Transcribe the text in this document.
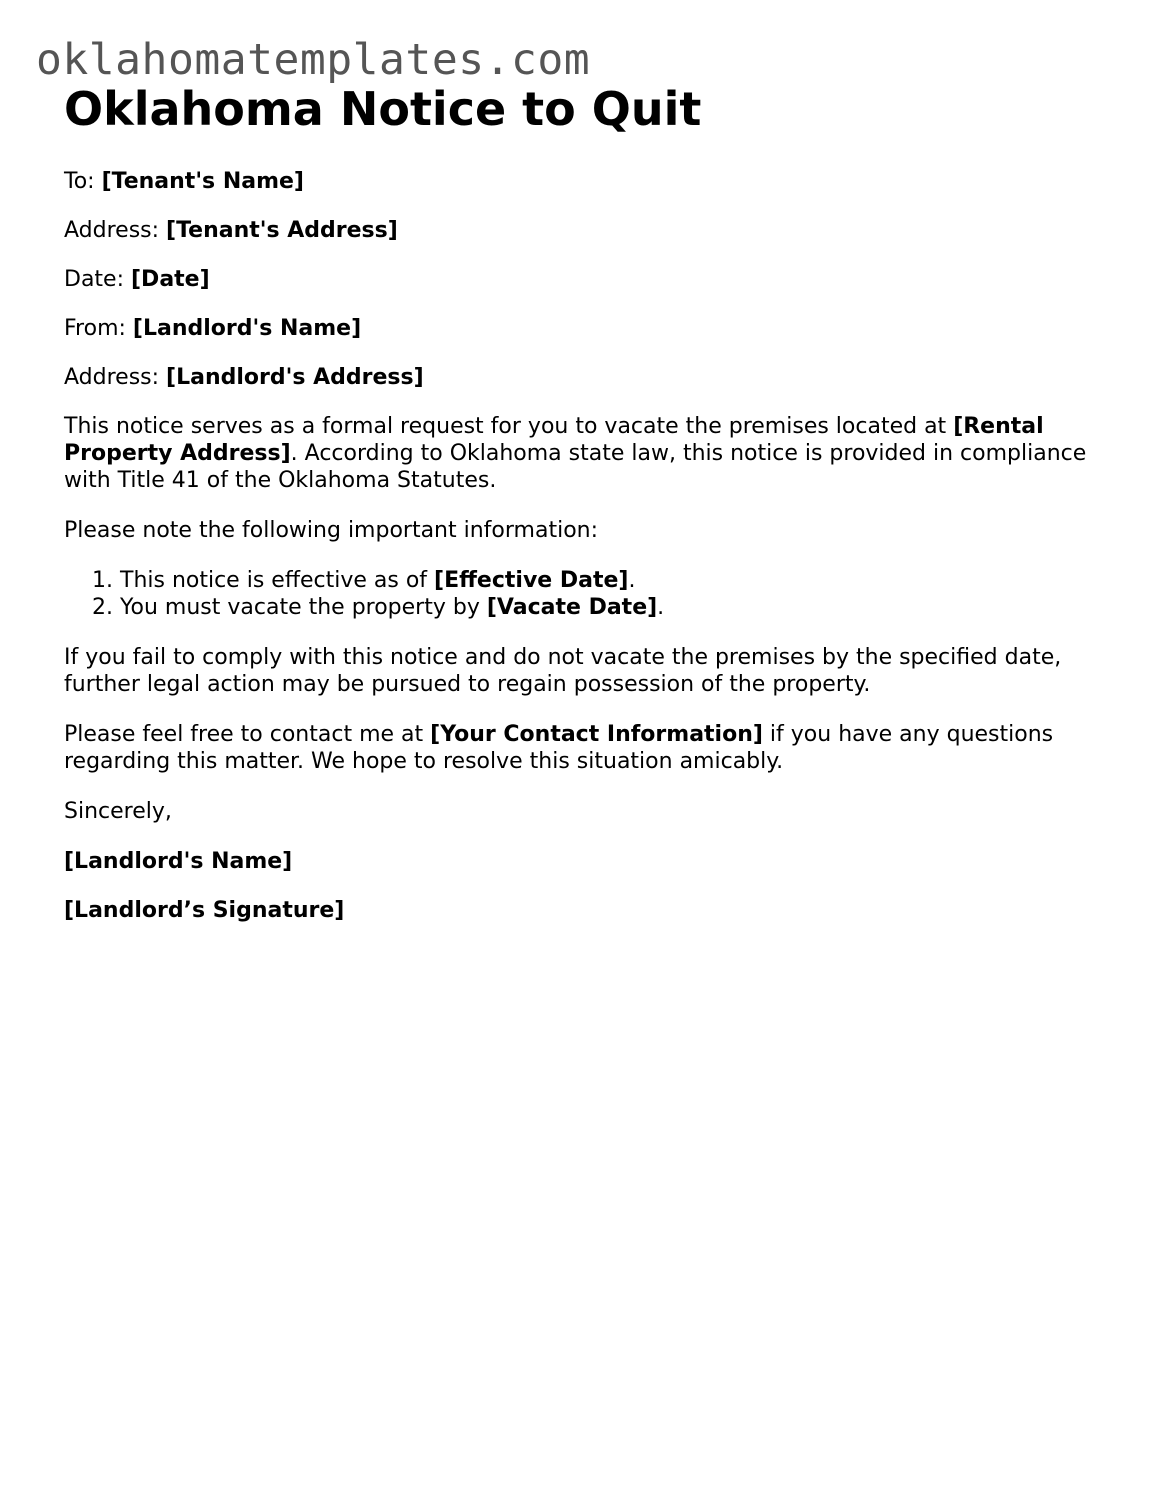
oklahomatemplates.com
Oklahoma Notice to Quit

To: [Tenant's Name]

Address: [Tenant's Address]

Date: [Date]

From: [Landlord's Name]

Address: [Landlord's Address]

This notice serves as a formal request for you to vacate the premises located at [Rental Property Address]. According to Oklahoma state law, this notice is provided in compliance with Title 41 of the Oklahoma Statutes.

Please note the following important information:

1. This notice is effective as of [Effective Date].
2. You must vacate the property by [Vacate Date].

If you fail to comply with this notice and do not vacate the premises by the specified date, further legal action may be pursued to regain possession of the property.

Please feel free to contact me at [Your Contact Information] if you have any questions regarding this matter. We hope to resolve this situation amicably.

Sincerely,

[Landlord's Name]

[Landlord’s Signature]
